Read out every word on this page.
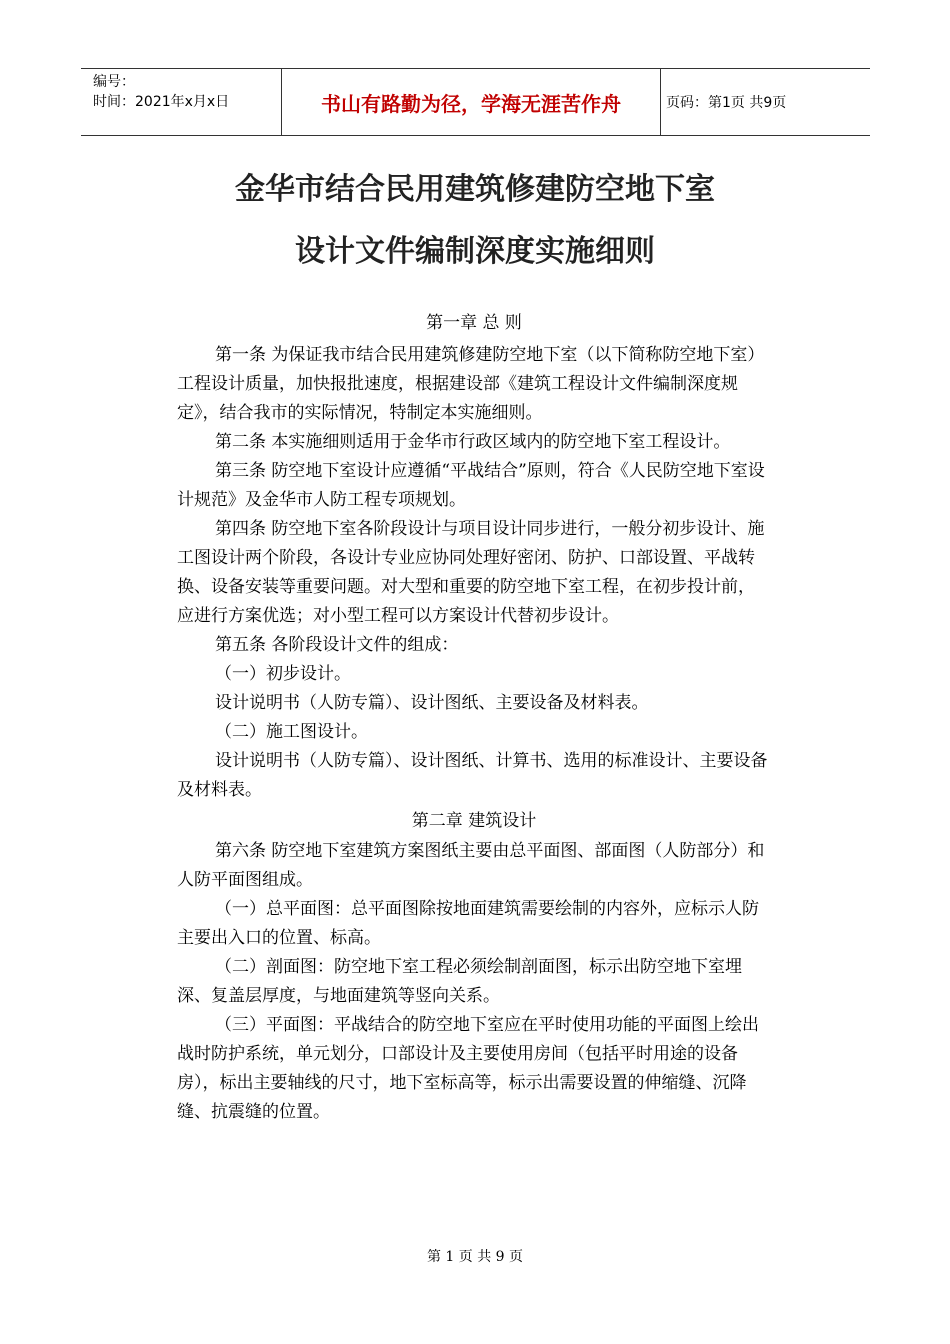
编号：
时间：2021年x月x日	书山有路勤为径，学海无涯苦作舟	页码：第1页 共9页
金华市结合民用建筑修建防空地下室
设计文件编制深度实施细则
第一章 总 则

第一条 为保证我市结合民用建筑修建防空地下室（以下简称防空地下室）工程设计质量，加快报批速度，根据建设部《建筑工程设计文件编制深度规定》，结合我市的实际情况，特制定本实施细则。

第二条 本实施细则适用于金华市行政区域内的防空地下室工程设计。

第三条 防空地下室设计应遵循“平战结合”原则，符合《人民防空地下室设计规范》及金华市人防工程专项规划。

第四条 防空地下室各阶段设计与项目设计同步进行，一般分初步设计、施工图设计两个阶段，各设计专业应协同处理好密闭、防护、口部设置、平战转换、设备安装等重要问题。对大型和重要的防空地下室工程，在初步投计前，应进行方案优选；对小型工程可以方案设计代替初步设计。

第五条 各阶段设计文件的组成：

（一）初步设计。

设计说明书（人防专篇）、设计图纸、主要设备及材料表。

（二）施工图设计。

设计说明书（人防专篇）、设计图纸、计算书、选用的标准设计、主要设备及材料表。

第二章 建筑设计

第六条 防空地下室建筑方案图纸主要由总平面图、部面图（人防部分）和人防平面图组成。

（一）总平面图：总平面图除按地面建筑需要绘制的内容外，应标示人防主要出入口的位置、标高。

（二）剖面图：防空地下室工程必须绘制剖面图，标示出防空地下室埋深、复盖层厚度，与地面建筑等竖向关系。

（三）平面图：平战结合的防空地下室应在平时使用功能的平面图上绘出战时防护系统，单元划分，口部设计及主要使用房间（包括平时用途的设备房），标出主要轴线的尺寸，地下室标高等，标示出需要设置的伸缩缝、沉降缝、抗震缝的位置。

第 1 页 共 9 页
